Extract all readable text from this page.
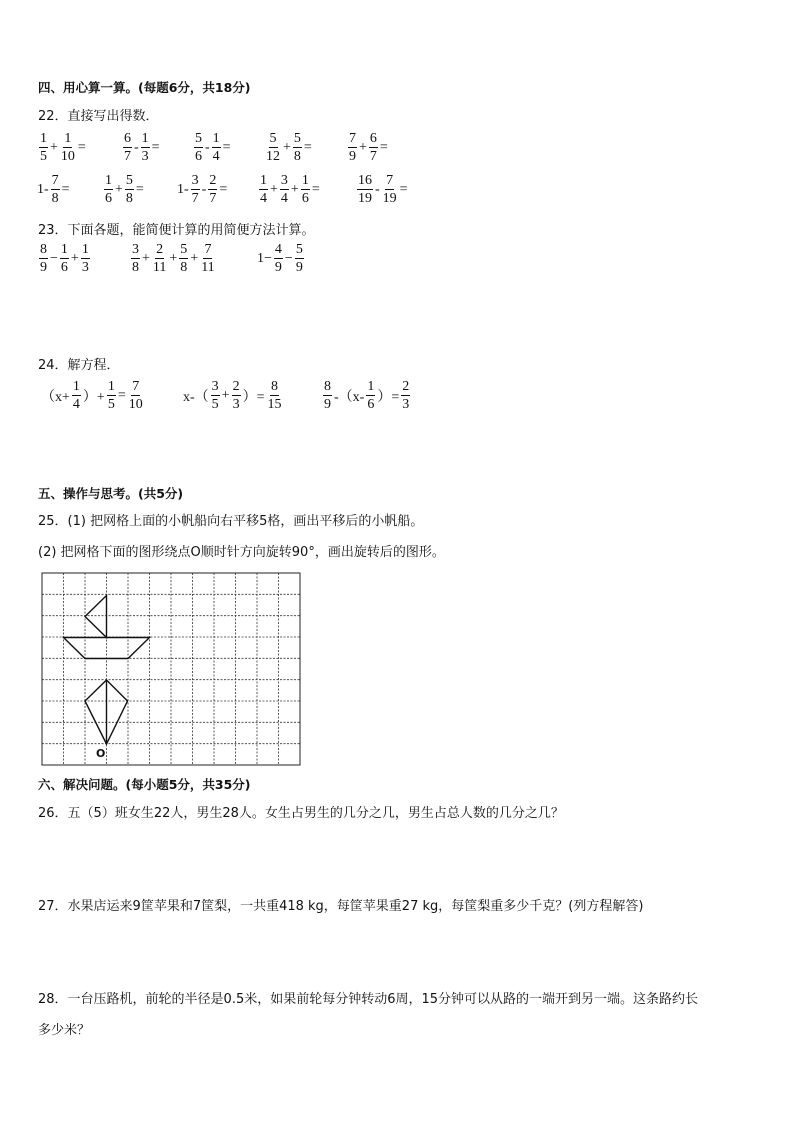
四、用心算一算。(每题6分，共18分)
22．直接写出得数．
$\frac{1}{5} + \frac{1}{10}$ =	$\frac{6}{7} - \frac{1}{3} = \frac{5}{6} - \frac{1}{4} = \frac{5}{12} + \frac{5}{8}$ =	$\frac{7}{9} + \frac{6}{7}$ =
$1- \frac{7}{8} = \frac{1}{6} + \frac{5}{8} = 1- \frac{3}{7} - \frac{2}{7} = \frac{1}{4} + \frac{3}{4} + \frac{1}{6}$ =	$\frac{16}{19} - \frac{7}{19}$ =
23．下面各题，能简便计算的用简便方法计算。
$\frac{8}{9} - \frac{1}{6} + \frac{1}{3}$	$\frac{3}{8} + \frac{2}{11} + \frac{5}{8} + \frac{7}{11}$	$1- \frac{4}{9} - \frac{5}{9}$
24．解方程．
（$x+ \frac{1}{4}$ ）+ $\frac{1}{5} = \frac{7}{10}$	$x-( \frac{3}{5} + \frac{2}{3}$ ）= $\frac{8}{15}$	$\frac{8}{9} -(x- \frac{1}{6}$ ）= $\frac{2}{3}$
五、操作与思考。(共5分)
25．(1) 把网格上面的小帆船向右平移5格，画出平移后的小帆船。
(2) 把网格下面的图形绕点O顺时针方向旋转90°，画出旋转后的图形。
O
六、解决问题。(每小题5分，共35分)
26．五（5）班女生22人，男生28人。女生占男生的几分之几，男生占总人数的几分之几？
27．水果店运来9筐苹果和7筐梨，一共重418 kg，每筐苹果重27 kg，每筐梨重多少千克？(列方程解答)
28．一台压路机，前轮的半径是0.5米，如果前轮每分钟转动6周，15分钟可以从路的一端开到另一端。这条路约长
多少米？
